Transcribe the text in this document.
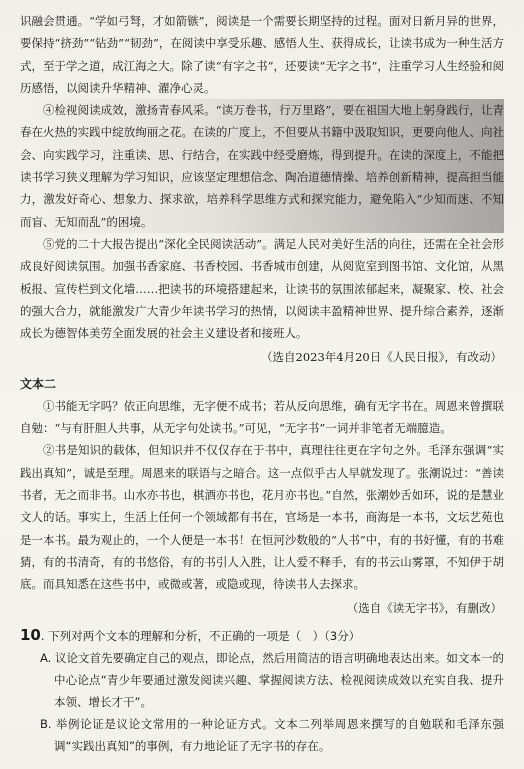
识融会贯通。“学如弓弩，才如箭镞”，阅读是一个需要长期坚持的过程。面对日新月异的世界，要保持“挤劲”“钻劲”“韧劲”，在阅读中享受乐趣、感悟人生、获得成长，让读书成为一种生活方式，至于学之道，成江海之大。除了读“有字之书”，还要读“无字之书”，注重学习人生经验和阅历感悟，以阅读升华精神、濯净心灵。

④检视阅读成效，激扬青春风采。“读万卷书，行万里路”，要在祖国大地上躬身践行，让青春在火热的实践中绽放绚丽之花。在读的广度上，不但要从书籍中汲取知识，更要向他人、向社会、向实践学习，注重读、思、行结合，在实践中经受磨炼，得到提升。在读的深度上，不能把读书学习狭义理解为学习知识，应该坚定理想信念、陶冶道德情操、培养创新精神，提高担当能力，激发好奇心、想象力、探求欲，培养科学思维方式和探究能力，避免陷入“少知而迷、不知而盲、无知而乱”的困境。

⑤党的二十大报告提出“深化全民阅读活动”。满足人民对美好生活的向往，还需在全社会形成良好阅读氛围。加强书香家庭、书香校园、书香城市创建，从阅览室到图书馆、文化馆，从黑板报、宣传栏到文化墙……把读书的环境搭建起来，让读书的氛围浓郁起来，凝聚家、校、社会的强大合力，就能激发广大青少年读书学习的热情，以阅读丰盈精神世界、提升综合素养，逐渐成长为德智体美劳全面发展的社会主义建设者和接班人。

（选自2023年4月20日《人民日报》，有改动）

文本二

①书能无字吗？依正向思维，无字便不成书；若从反向思维，确有无字书在。周恩来曾撰联自勉：“与有肝胆人共事，从无字句处读书。”可见，“无字书”一词并非笔者无端臆造。

②书是知识的载体，但知识并不仅仅存在于书中，真理往往更在字句之外。毛泽东强调“实践出真知”，诚是至理。周恩来的联语与之暗合。这一点似乎古人早就发现了。张潮说过：“善读书者，无之而非书。山水亦书也，棋酒亦书也，花月亦书也。”自然，张潮妙舌如环，说的是慧业文人的话。事实上，生活上任何一个领域都有书在，官场是一本书，商海是一本书，文坛艺苑也是一本书。最为观止的，一个人便是一本书！在恒河沙数般的“人书”中，有的书好懂，有的书难猜，有的书清奇，有的书悠俗，有的书引人入胜，让人爱不释手，有的书云山雾罩，不知伊于胡底。而具知悉在这些书中，或微或著，或隐或现，待读书人去探求。

（选自《读无字书》，有删改）

10. 下列对两个文本的理解和分析，不正确的一项是（　）（3分）

A. 议论文首先要确定自己的观点，即论点，然后用简洁的语言明确地表达出来。如文本一的中心论点“青少年要通过激发阅读兴趣、掌握阅读方法、检视阅读成效以充实自我、提升本领、增长才干”。

B. 举例论证是议论文常用的一种论证方式。文本二列举周恩来撰写的自勉联和毛泽东强调“实践出真知”的事例，有力地论证了无字书的存在。
